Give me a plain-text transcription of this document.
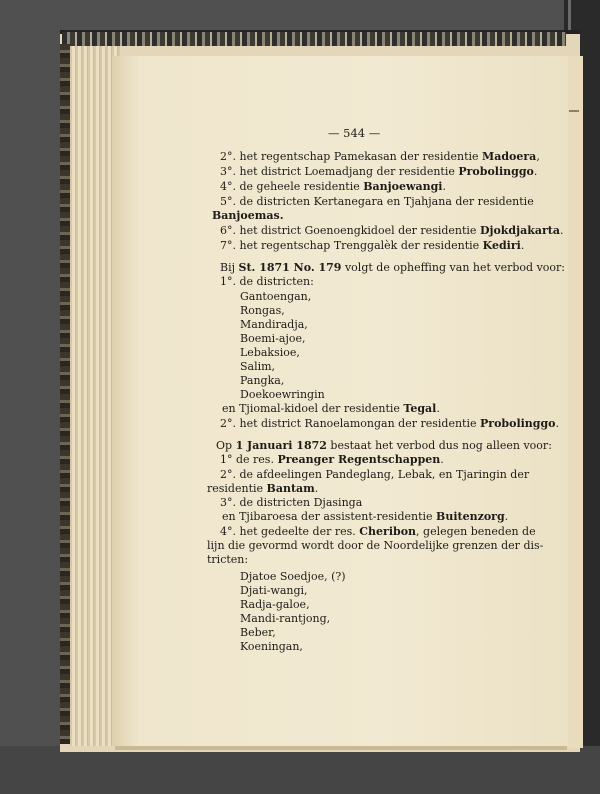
— 544 —
2°. het regentschap Pamekasan der residentie Madoera,
3°. het district Loemadjang der residentie Probolinggo.
4°. de geheele residentie Banjoewangi.
5°. de districten Kertanegara en Tjahjana der residentie
Banjoemas.
6°. het district Goenoengkidoel der residentie Djokdjakarta.
7°. het regentschap Trenggalèk der residentie Kediri.
Bij St. 1871 No. 179 volgt de opheffing van het verbod voor:
1°. de districten:
Gantoengan,
Rongas,
Mandiradja,
Boemi-ajoe,
Lebaksioe,
Salim,
Pangka,
Doekoewringin
en Tjiomal-kidoel der residentie Tegal.
2°. het district Ranoelamongan der residentie Probolinggo.
Op 1 Januari 1872 bestaat het verbod dus nog alleen voor:
1° de res. Preanger Regentschappen.
2°. de afdeelingen Pandeglang, Lebak, en Tjaringin der
residentie Bantam.
3°. de districten Djasinga
en Tjibaroesa der assistent-residentie Buitenzorg.
4°. het gedeelte der res. Cheribon, gelegen beneden de
lijn die gevormd wordt door de Noordelijke grenzen der dis-
tricten:
Djatoe Soedjoe, (?)
Djati-wangi,
Radja-galoe,
Mandi-rantjong,
Beber,
Koeningan,
